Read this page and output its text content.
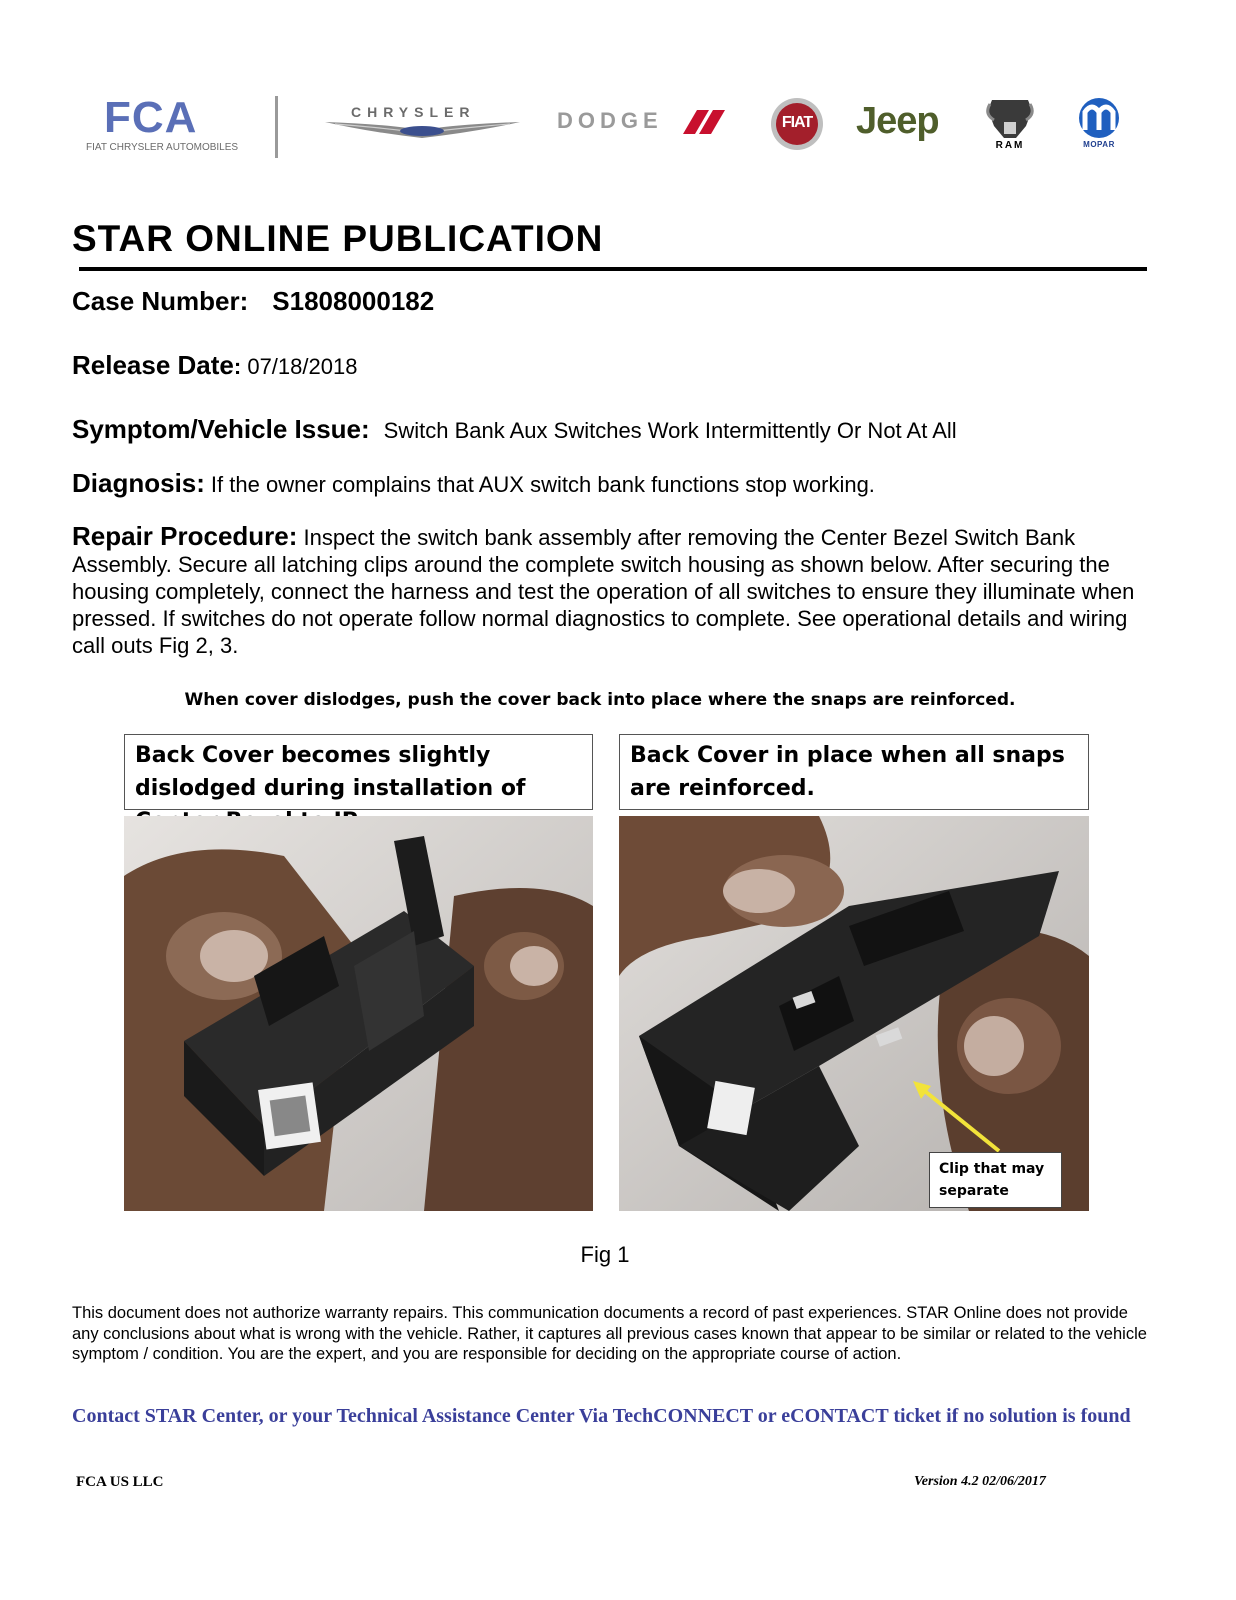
FCA
FIAT CHRYSLER AUTOMOBILES
CHRYSLER	DODGE	FIAT	Jeep
RAM	MOPAR
STAR ONLINE PUBLICATION
Case Number: S1808000182
Release Date: 07/18/2018
Symptom/Vehicle Issue: Switch Bank Aux Switches Work Intermittently Or Not At All
Diagnosis: If the owner complains that AUX switch bank functions stop working.
Repair Procedure: Inspect the switch bank assembly after removing the Center Bezel Switch Bank Assembly. Secure all latching clips around the complete switch housing as shown below. After securing the housing completely, connect the harness and test the operation of all switches to ensure they illuminate when pressed. If switches do not operate follow normal diagnostics to complete. See operational details and wiring call outs Fig 2, 3.
When cover dislodges, push the cover back into place where the snaps are reinforced.
Back Cover becomes slightly dislodged during installation of
Back Cover in place when all snaps are reinforced.
Clip that may separate
Fig 1
This document does not authorize warranty repairs. This communication documents a record of past experiences. STAR Online does not provide any conclusions about what is wrong with the vehicle. Rather, it captures all previous cases known that appear to be similar or related to the vehicle symptom / condition. You are the expert, and you are responsible for deciding on the appropriate course of action.
Contact STAR Center, or your Technical Assistance Center Via TechCONNECT or eCONTACT ticket if no solution is found
FCA US LLC	Version 4.2 02/06/2017
